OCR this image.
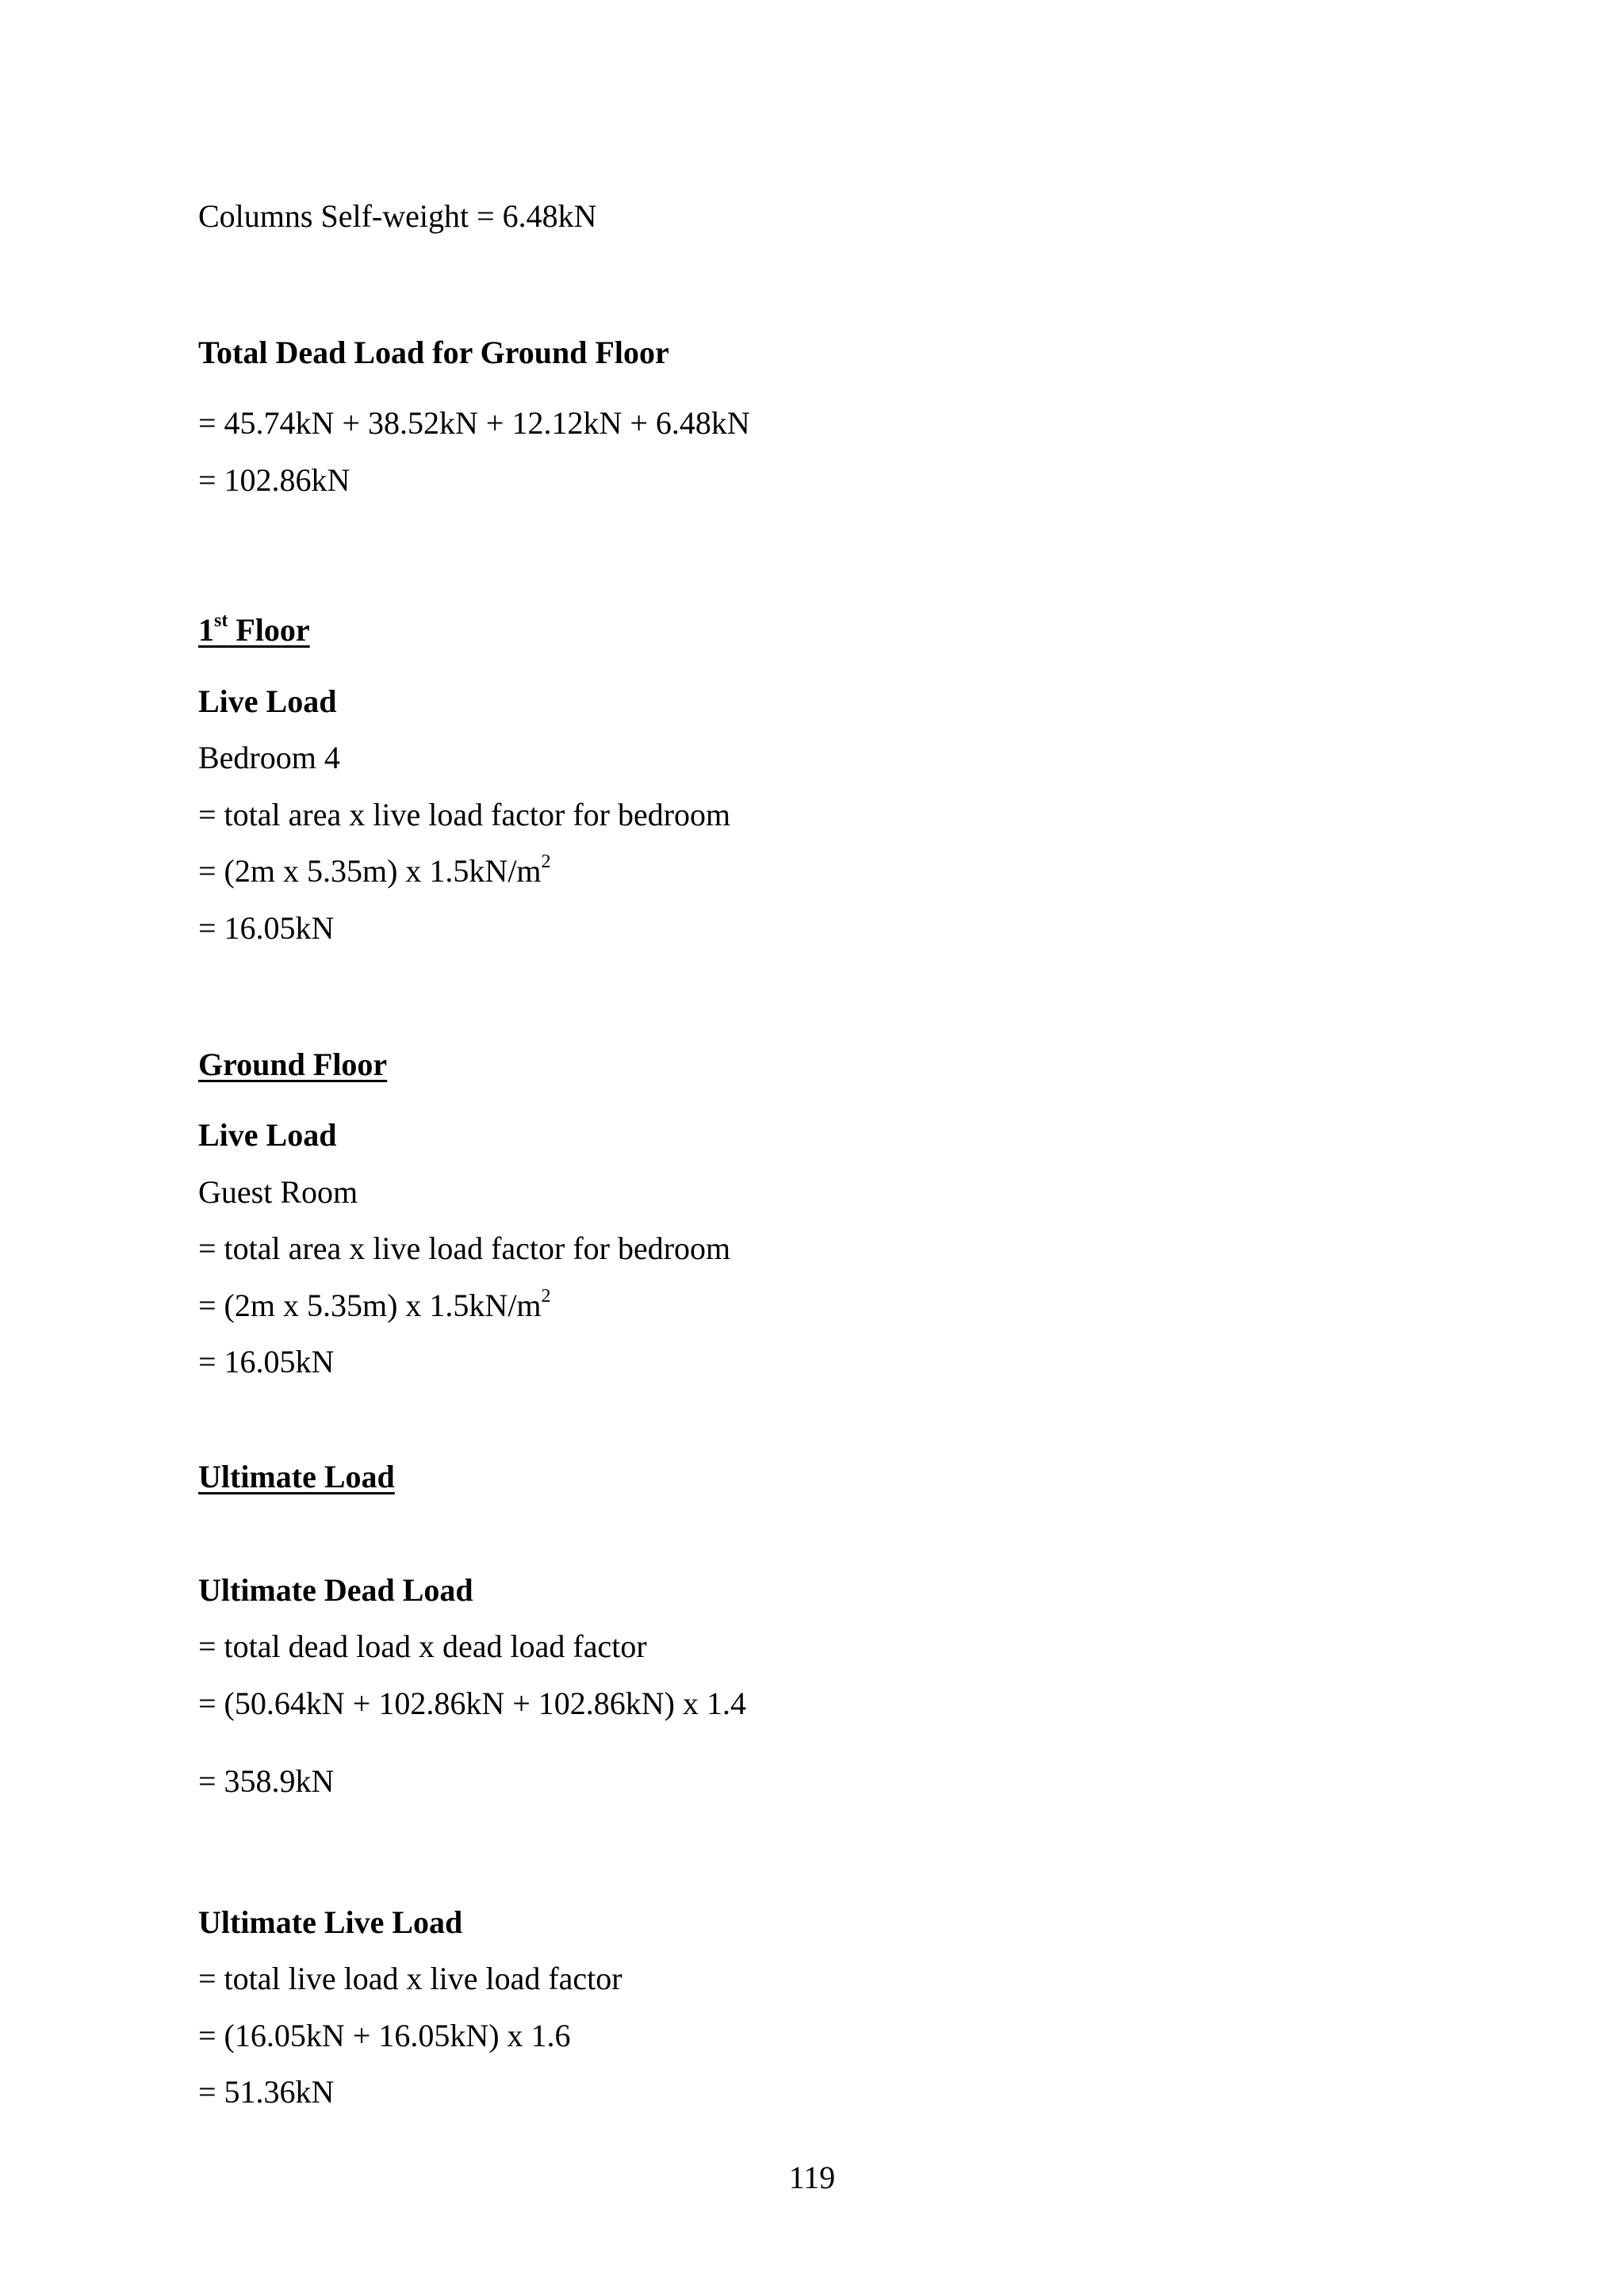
Columns Self-weight = 6.48kN
Total Dead Load for Ground Floor
= 45.74kN + 38.52kN + 12.12kN + 6.48kN
= 102.86kN
1st Floor
Live Load
Bedroom 4
= total area x live load factor for bedroom
= (2m x 5.35m) x $1.5kN/m^2$
= 16.05kN
Ground Floor
Live Load
Guest Room
= total area x live load factor for bedroom
= (2m x 5.35m) x $1.5kN/m^2$
= 16.05kN
Ultimate Load
Ultimate Dead Load
= total dead load x dead load factor
= (50.64kN + 102.86kN + 102.86kN) x 1.4
= 358.9kN
Ultimate Live Load
= total live load x live load factor
= (16.05kN + 16.05kN) x 1.6
= 51.36kN
119
